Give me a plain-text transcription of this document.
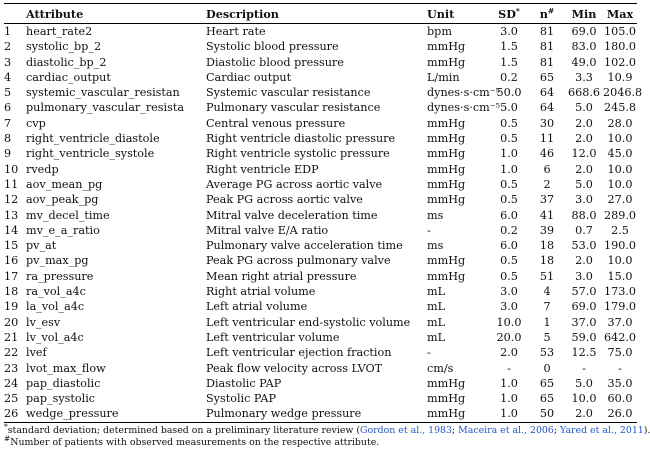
	Attribute	Description	Unit	SD*	n#	Min	Max
1	heart_rate2	Heart rate	bpm	3.0	81	69.0	105.0
2	systolic_bp_2	Systolic blood pressure	mmHg	1.5	81	83.0	180.0
3	diastolic_bp_2	Diastolic blood pressure	mmHg	1.5	81	49.0	102.0
4	cardiac_output	Cardiac output	L/min	0.2	65	3.3	10.9
5	systemic_vascular_resistan	Systemic vascular resistance	dynes·s·cm⁻⁵	50.0	64	668.6	2046.8
6	pulmonary_vascular_resista	Pulmonary vascular resistance	dynes·s·cm⁻⁵	5.0	64	5.0	245.8
7	cvp	Central venous pressure	mmHg	0.5	30	2.0	28.0
8	right_ventricle_diastole	Right ventricle diastolic pressure	mmHg	0.5	11	2.0	10.0
9	right_ventricle_systole	Right ventricle systolic pressure	mmHg	1.0	46	12.0	45.0
10	rvedp	Right ventricle EDP	mmHg	1.0	6	2.0	10.0
11	aov_mean_pg	Average PG across aortic valve	mmHg	0.5	2	5.0	10.0
12	aov_peak_pg	Peak PG across aortic valve	mmHg	0.5	37	3.0	27.0
13	mv_decel_time	Mitral valve deceleration time	ms	6.0	41	88.0	289.0
14	mv_e_a_ratio	Mitral valve E/A ratio	-	0.2	39	0.7	2.5
15	pv_at	Pulmonary valve acceleration time	ms	6.0	18	53.0	190.0
16	pv_max_pg	Peak PG across pulmonary valve	mmHg	0.5	18	2.0	10.0
17	ra_pressure	Mean right atrial pressure	mmHg	0.5	51	3.0	15.0
18	ra_vol_a4c	Right atrial volume	mL	3.0	4	57.0	173.0
19	la_vol_a4c	Left atrial volume	mL	3.0	7	69.0	179.0
20	lv_esv	Left ventricular end-systolic volume	mL	10.0	1	37.0	37.0
21	lv_vol_a4c	Left ventricular volume	mL	20.0	5	59.0	642.0
22	lvef	Left ventricular ejection fraction	-	2.0	53	12.5	75.0
23	lvot_max_flow	Peak flow velocity across LVOT	cm/s	-	0	-	-
24	pap_diastolic	Diastolic PAP	mmHg	1.0	65	5.0	35.0
25	pap_systolic	Systolic PAP	mmHg	1.0	65	10.0	60.0
26	wedge_pressure	Pulmonary wedge pressure	mmHg	1.0	50	2.0	26.0
*standard deviation; determined based on a preliminary literature review (Gordon et al., 1983; Maceira et al., 2006; Yared et al., 2011).
#Number of patients with observed measurements on the respective attribute.
